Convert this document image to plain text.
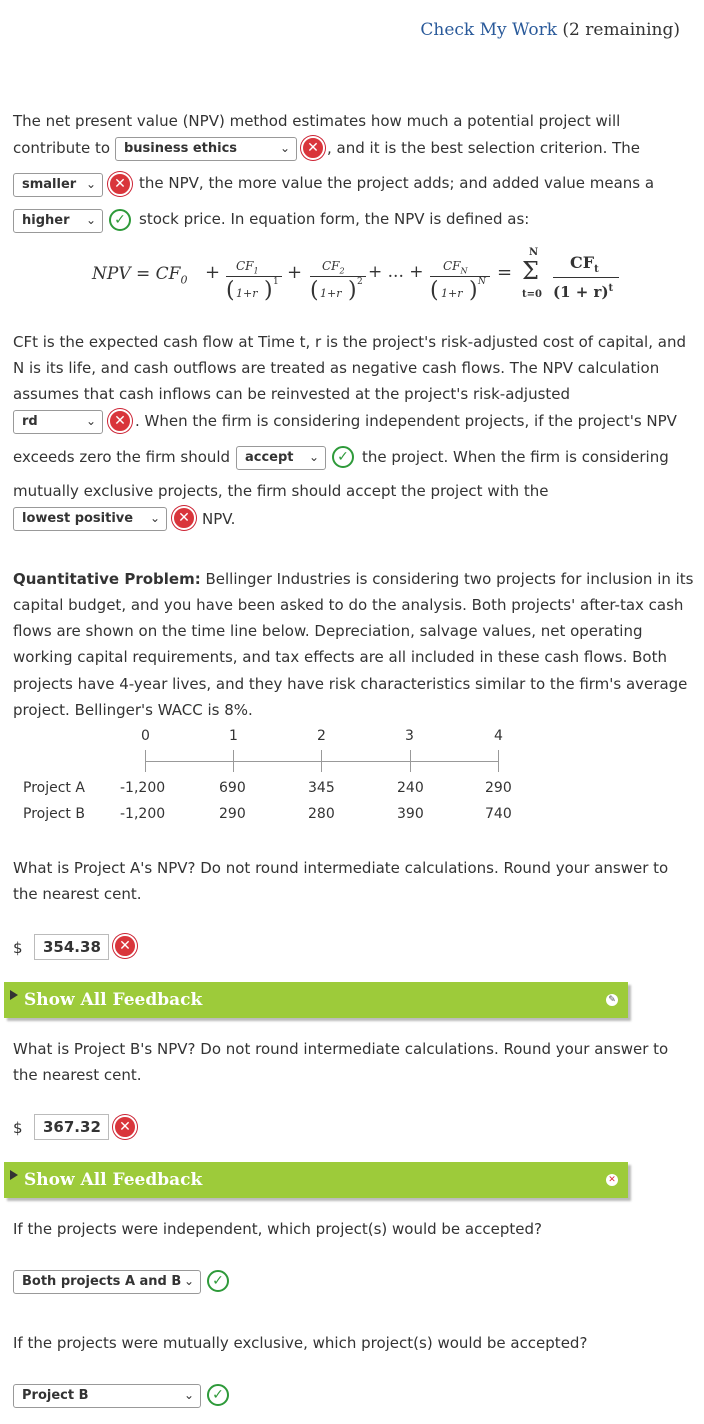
Check My Work (2 remaining)
The net present value (NPV) method estimates how much a potential project will
contribute to	business ethics	⌄	✕ , and it is the best selection criterion. The
smaller ⌄	✕ the NPV, the more value the project adds; and added value means a
higher ⌄	✓ stock price. In equation form, the NPV is defined as:
NPV = $CF_0 + CF_1$
( 1+r ) $1 + CF_2$
( 1+r ) 2 + ... + $CF_N$
( 1+r ) N =
N
Σ
t=0
$CF_t$
$(1 + r)^t$
CFt is the expected cash flow at Time t, r is the project's risk-adjusted cost of capital, and
N is its life, and cash outflows are treated as negative cash flows. The NPV calculation
assumes that cash inflows can be reinvested at the project's risk-adjusted
rd	⌄	✕ . When the firm is considering independent projects, if the project's NPV
exceeds zero the firm should	accept ⌄	✓ the project. When the firm is considering
mutually exclusive projects, the firm should accept the project with the
lowest positive ⌄	✕ NPV.
Quantitative Problem: Bellinger Industries is considering two projects for inclusion in its
capital budget, and you have been asked to do the analysis. Both projects' after-tax cash
flows are shown on the time line below. Depreciation, salvage values, net operating
working capital requirements, and tax effects are all included in these cash flows. Both
projects have 4-year lives, and they have risk characteristics similar to the firm's average
project. Bellinger's WACC is 8%.
0	1	2	3	4
Project A	-1,200	690	345	240	290
Project B	-1,200	290	280	390	740
What is Project A's NPV? Do not round intermediate calculations. Round your answer to
the nearest cent.
$	354.38	✕
Show All Feedback	✎
What is Project B's NPV? Do not round intermediate calculations. Round your answer to
the nearest cent.
$	367.32	✕
Show All Feedback	✕
If the projects were independent, which project(s) would be accepted?
Both projects A and B ⌄	✓
If the projects were mutually exclusive, which project(s) would be accepted?
Project B	⌄	✓
